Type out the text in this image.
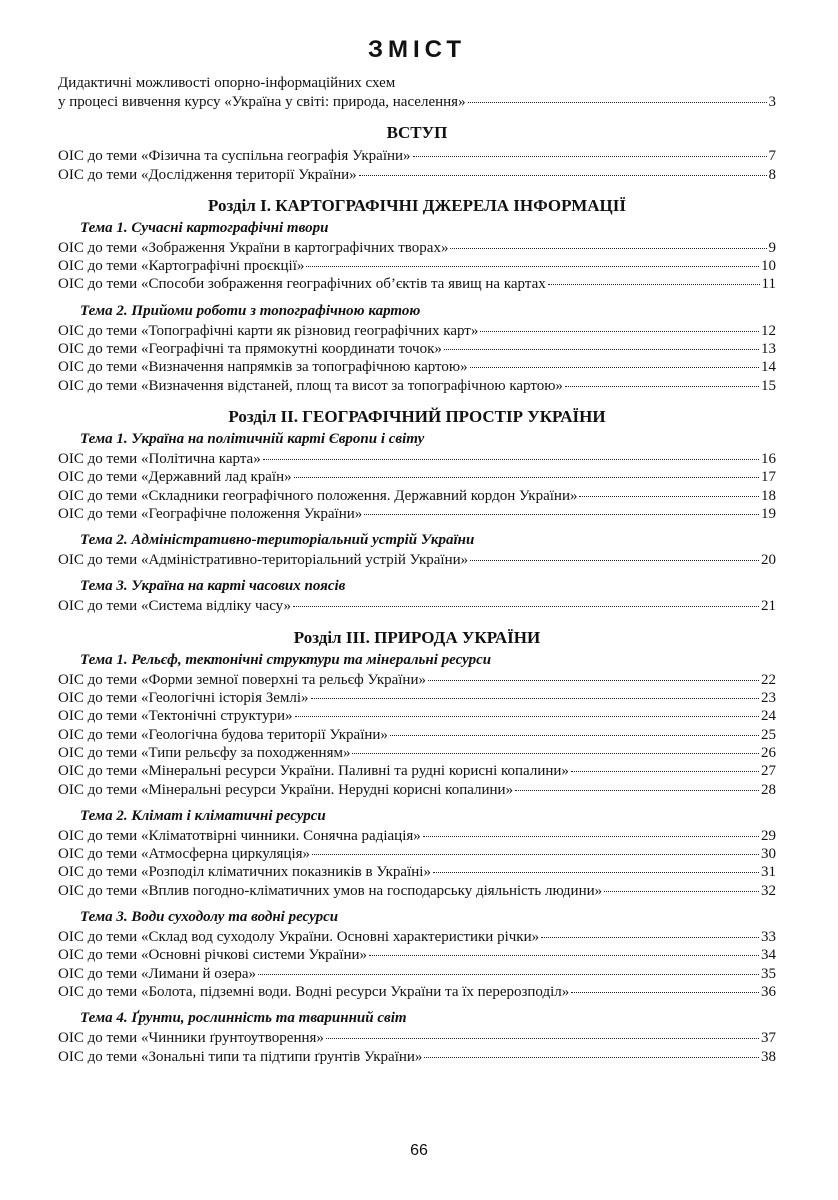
ЗМІСТ
Дидактичні можливості опорно-інформаційних схем
у процесі вивчення курсу «Україна у світі: природа, населення»	3
ВСТУП
ОІС до теми «Фізична та суспільна географія України»	7
ОІС до теми «Дослідження території України»	8
Розділ I. КАРТОГРАФІЧНІ ДЖЕРЕЛА ІНФОРМАЦІЇ
Тема 1. Сучасні картографічні твори
ОІС до теми «Зображення України в картографічних творах»	9
ОІС до теми «Картографічні проєкції»	10
ОІС до теми «Способи зображення географічних об’єктів та явищ на картах	11
Тема 2. Прийоми роботи з топографічною картою
ОІС до теми «Топографічні карти як різновид географічних карт»	12
ОІС до теми «Географічні та прямокутні координати точок»	13
ОІС до теми «Визначення напрямків за топографічною картою»	14
ОІС до теми «Визначення відстаней, площ та висот за топографічною картою»	15
Розділ II. ГЕОГРАФІЧНИЙ ПРОСТІР УКРАЇНИ
Тема 1. Україна на політичній карті Європи і світу
ОІС до теми «Політична карта»	16
ОІС до теми «Державний лад країн»	17
ОІС до теми «Складники географічного положення. Державний кордон України»	18
ОІС до теми «Географічне положення України»	19
Тема 2. Адміністративно-територіальний устрій України
ОІС до теми «Адміністративно-територіальний устрій України»	20
Тема 3. Україна на карті часових поясів
ОІС до теми «Система відліку часу»	21
Розділ III. ПРИРОДА УКРАЇНИ
Тема 1. Рельєф, тектонічні структури та мінеральні ресурси
ОІС до теми «Форми земної поверхні та рельєф України»	22
ОІС до теми «Геологічні історія Землі»	23
ОІС до теми «Тектонічні структури»	24
ОІС до теми «Геологічна будова території України»	25
ОІС до теми «Типи рельєфу за походженням»	26
ОІС до теми «Мінеральні ресурси України. Паливні та рудні корисні копалини»	27
ОІС до теми «Мінеральні ресурси України. Нерудні корисні копалини»	28
Тема 2. Клімат і кліматичні ресурси
ОІС до теми «Кліматотвірні чинники. Сонячна радіація»	29
ОІС до теми «Атмосферна циркуляція»	30
ОІС до теми «Розподіл кліматичних показників в Україні»	31
ОІС до теми «Вплив погодно-кліматичних умов на господарську діяльність людини»	32
Тема 3. Води суходолу та водні ресурси
ОІС до теми «Склад вод суходолу України. Основні характеристики річки»	33
ОІС до теми «Основні річкові системи України»	34
ОІС до теми «Лимани й озера»	35
ОІС до теми «Болота, підземні води. Водні ресурси України та їх перерозподіл»	36
Тема 4. Ґрунти, рослинність та тваринний світ
ОІС до теми «Чинники ґрунтоутворення»	37
ОІС до теми «Зональні типи та підтипи ґрунтів України»	38
66
